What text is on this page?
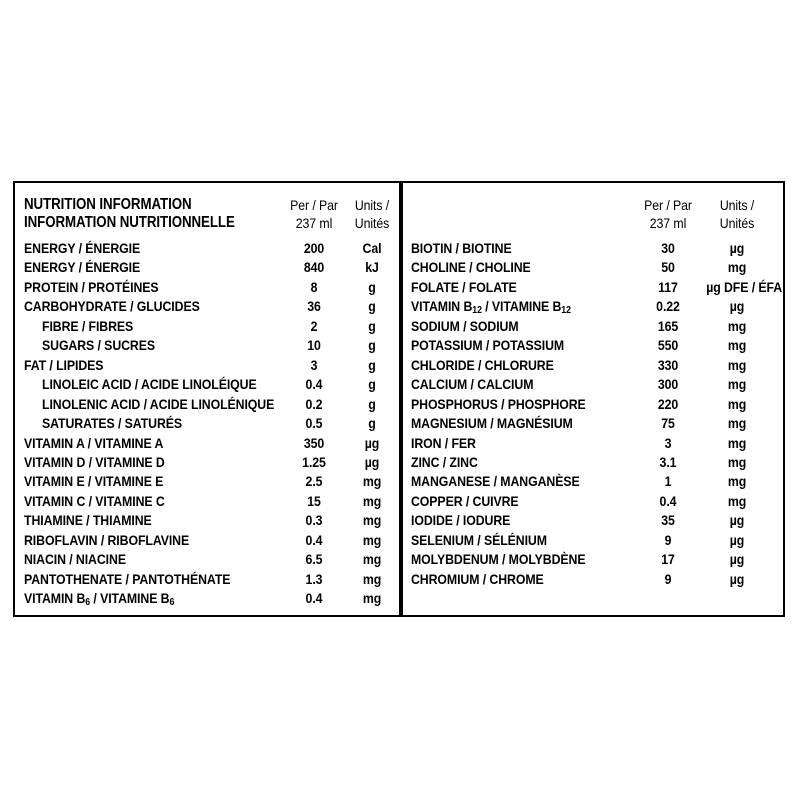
NUTRITION INFORMATION
INFORMATION NUTRITIONNELLE
Per / Par
237 ml
Units /
Unités
ENERGY / ÉNERGIE	200	Cal
ENERGY / ÉNERGIE	840	kJ
PROTEIN / PROTÉINES	8	g
CARBOHYDRATE / GLUCIDES	36	g
FIBRE / FIBRES	2	g
SUGARS / SUCRES	10	g
FAT / LIPIDES	3	g
LINOLEIC ACID / ACIDE LINOLÉIQUE	0.4	g
LINOLENIC ACID / ACIDE LINOLÉNIQUE	0.2	g
SATURATES / SATURÉS	0.5	g
VITAMIN A / VITAMINE A	350	µg
VITAMIN D / VITAMINE D	1.25	µg
VITAMIN E / VITAMINE E	2.5	mg
VITAMIN C / VITAMINE C	15	mg
THIAMINE / THIAMINE	0.3	mg
RIBOFLAVIN / RIBOFLAVINE	0.4	mg
NIACIN / NIACINE	6.5	mg
PANTOTHENATE / PANTOTHÉNATE	1.3	mg
VITAMIN $B_6$ / VITAMINE $B_6$	0.4	mg
Per / Par
237 ml
Units /
Unités
BIOTIN / BIOTINE	30	µg
CHOLINE / CHOLINE	50	mg
FOLATE / FOLATE	117	µg DFE / ÉFA
VITAMIN $B_{12}$ / VITAMINE $B_{12}$	0.22	µg
SODIUM / SODIUM	165	mg
POTASSIUM / POTASSIUM	550	mg
CHLORIDE / CHLORURE	330	mg
CALCIUM / CALCIUM	300	mg
PHOSPHORUS / PHOSPHORE	220	mg
MAGNESIUM / MAGNÉSIUM	75	mg
IRON / FER	3	mg
ZINC / ZINC	3.1	mg
MANGANESE / MANGANÈSE	1	mg
COPPER / CUIVRE	0.4	mg
IODIDE / IODURE	35	µg
SELENIUM / SÉLÉNIUM	9	µg
MOLYBDENUM / MOLYBDÈNE	17	µg
CHROMIUM / CHROME	9	µg
